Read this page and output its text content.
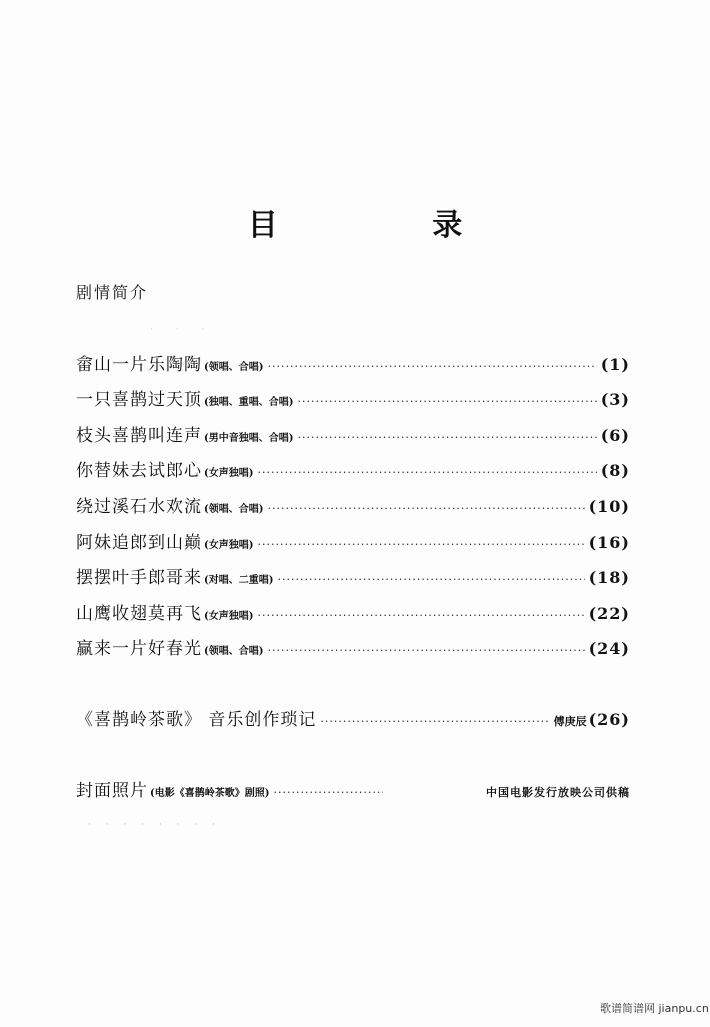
目 录
剧情简介
· · ·
畲山一片乐陶陶 (领唱、合唱) ·····	(1)
一只喜鹊过天顶 (独唱、重唱、合唱) ·····	(3)
枝头喜鹊叫连声 (男中音独唱、合唱) ·····	(6)
你替妹去试郎心 (女声独唱) ·····	(8)
绕过溪石水欢流 (领唱、合唱) ·····	(10)
阿妹追郎到山巅 (女声独唱) ·····	(16)
摆摆叶手郎哥来 (对唱、二重唱) ·····	(18)
山鹰收翅莫再飞 (女声独唱) ·····	(22)
赢来一片好春光 (领唱、合唱) ·····	(24)
《喜鹊岭茶歌》 音乐创作琐记 ·····	傅庚辰 (26)
封面照片 (电影《喜鹊岭茶歌》剧照) ·····	中国电影发行放映公司供稿
· · · · · · · ·
歌谱简谱网 jianpu.cn
